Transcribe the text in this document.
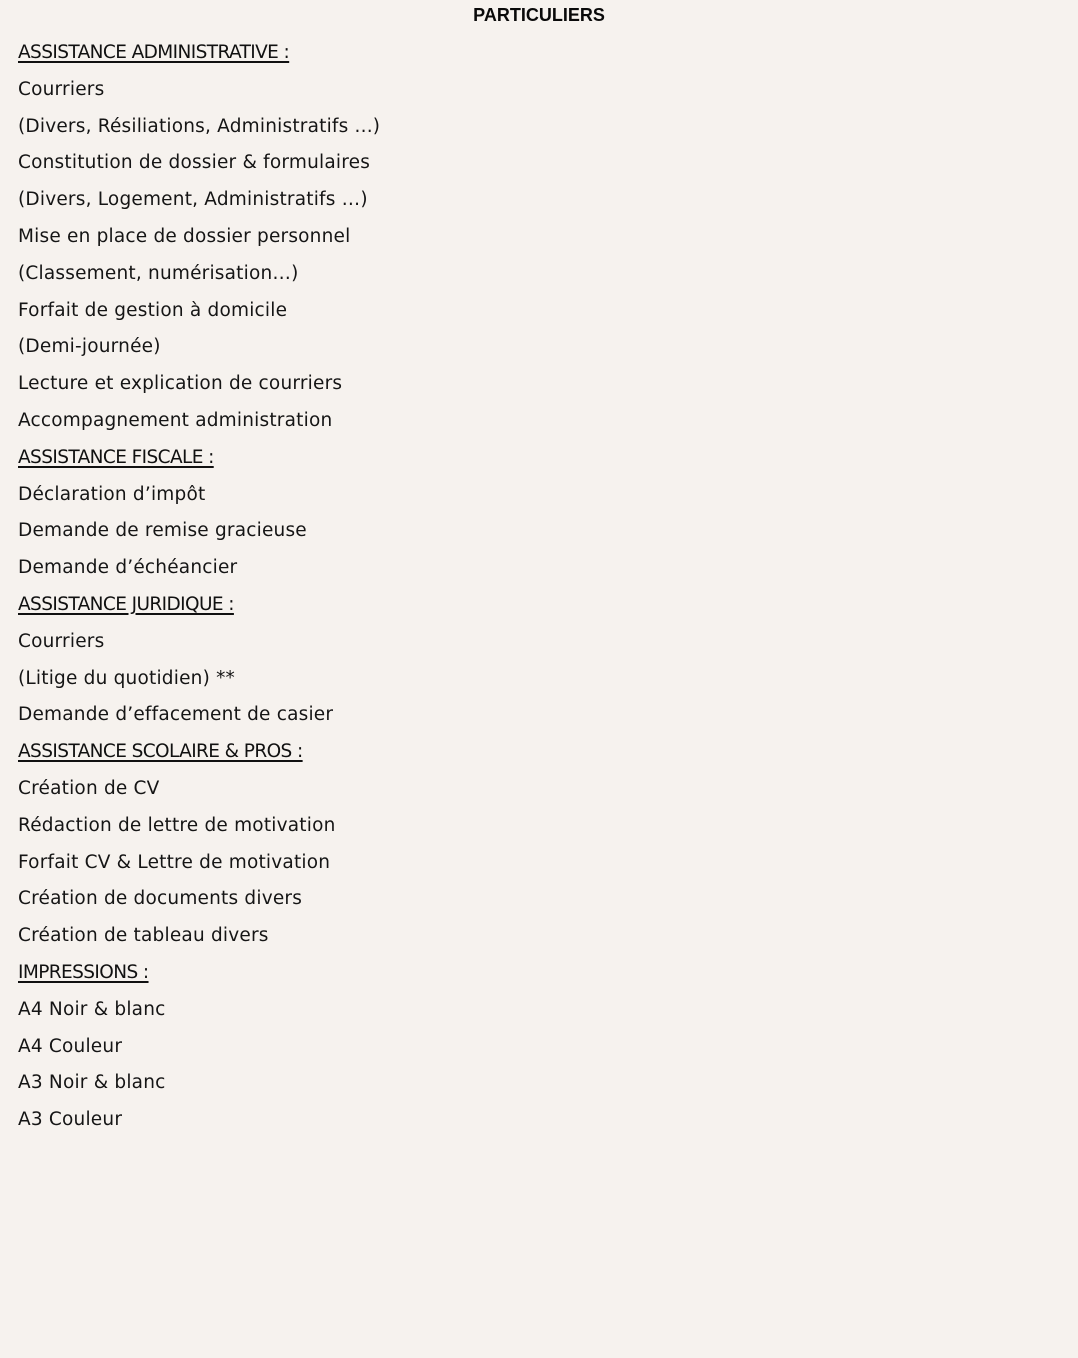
PARTICULIERS
ASSISTANCE ADMINISTRATIVE :
Courriers
(Divers, Résiliations, Administratifs ...)
Constitution de dossier & formulaires
(Divers, Logement, Administratifs …)
Mise en place de dossier personnel
(Classement, numérisation…)
Forfait de gestion à domicile
(Demi-journée)
Lecture et explication de courriers
Accompagnement administration
ASSISTANCE FISCALE :
Déclaration d’impôt
Demande de remise gracieuse
Demande d’échéancier
ASSISTANCE JURIDIQUE :
Courriers
(Litige du quotidien) **
Demande d’effacement de casier
ASSISTANCE SCOLAIRE & PROS :
Création de CV
Rédaction de lettre de motivation
Forfait CV & Lettre de motivation
Création de documents divers
Création de tableau divers
IMPRESSIONS :
A4 Noir & blanc
A4 Couleur
A3 Noir & blanc
A3 Couleur
